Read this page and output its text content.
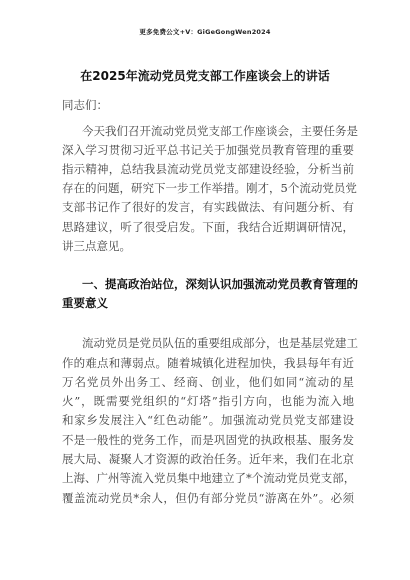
更多免费公文+V：GiGeGongWen2024
在2025年流动党员党支部工作座谈会上的讲话
同志们：
今天我们召开流动党员党支部工作座谈会，主要任务是
深入学习贯彻习近平总书记关于加强党员教育管理的重要
指示精神，总结我县流动党员党支部建设经验，分析当前
存在的问题，研究下一步工作举措。刚才，5个流动党员党
支部书记作了很好的发言，有实践做法、有问题分析、有
思路建议，听了很受启发。下面，我结合近期调研情况，
讲三点意见。
一、提高政治站位，深刻认识加强流动党员教育管理的
重要意义
流动党员是党员队伍的重要组成部分，也是基层党建工
作的难点和薄弱点。随着城镇化进程加快，我县每年有近
万名党员外出务工、经商、创业，他们如同“流动的星
火”，既需要党组织的“灯塔”指引方向，也能为流入地
和家乡发展注入“红色动能”。加强流动党员党支部建设
不是一般性的党务工作，而是巩固党的执政根基、服务发
展大局、凝聚人才资源的政治任务。近年来，我们在北京
上海、广州等流入党员集中地建立了*个流动党员党支部，
覆盖流动党员*余人，但仍有部分党员“游离在外”。必须
